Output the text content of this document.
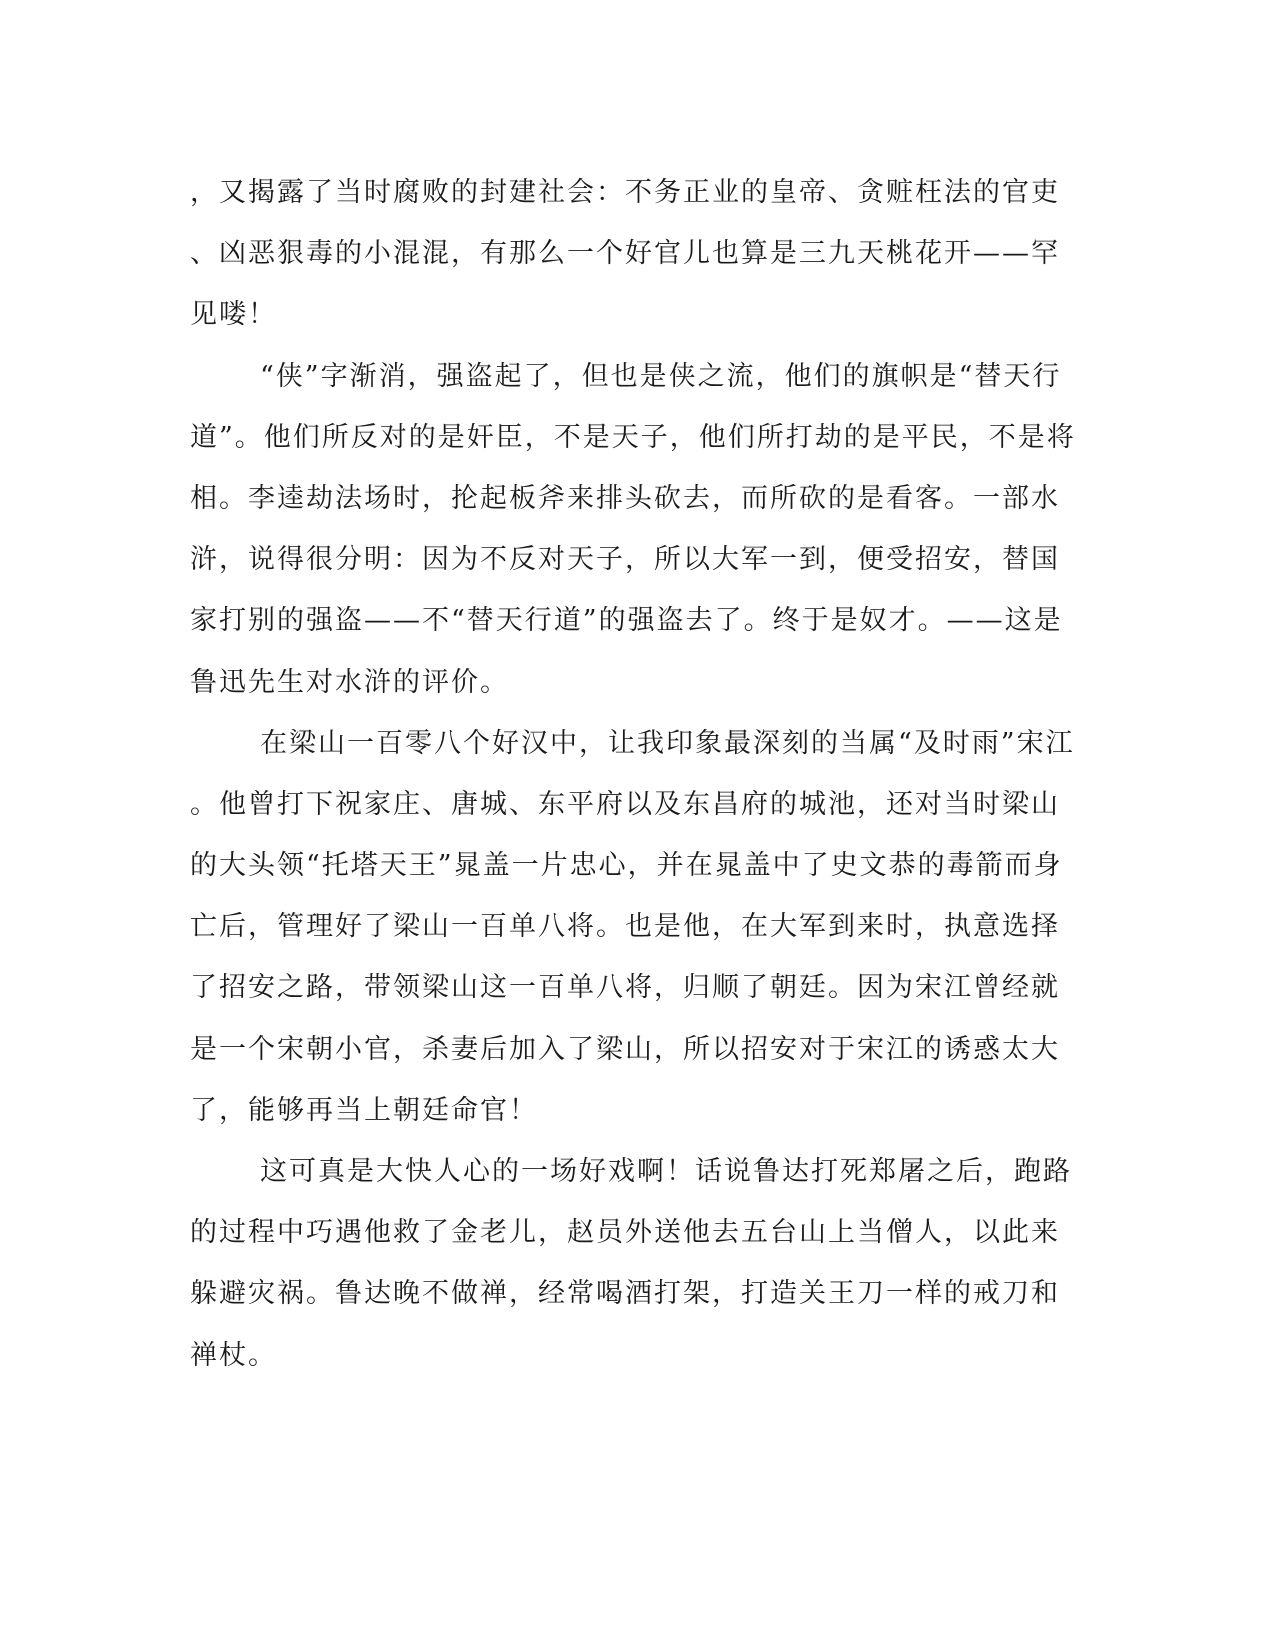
，又揭露了当时腐败的封建社会：不务正业的皇帝、贪赃枉法的官吏
、凶恶狠毒的小混混，有那么一个好官儿也算是三九天桃花开——罕
见喽！
“侠”字渐消，强盗起了，但也是侠之流，他们的旗帜是“替天行
道”。他们所反对的是奸臣，不是天子，他们所打劫的是平民，不是将
相。李逵劫法场时，抡起板斧来排头砍去，而所砍的是看客。一部水
浒，说得很分明：因为不反对天子，所以大军一到，便受招安，替国
家打别的强盗——不“替天行道”的强盗去了。终于是奴才。——这是
鲁迅先生对水浒的评价。
在梁山一百零八个好汉中，让我印象最深刻的当属“及时雨”宋江
。他曾打下祝家庄、唐城、东平府以及东昌府的城池，还对当时梁山
的大头领“托塔天王”晁盖一片忠心，并在晁盖中了史文恭的毒箭而身
亡后，管理好了梁山一百单八将。也是他，在大军到来时，执意选择
了招安之路，带领梁山这一百单八将，归顺了朝廷。因为宋江曾经就
是一个宋朝小官，杀妻后加入了梁山，所以招安对于宋江的诱惑太大
了，能够再当上朝廷命官！
这可真是大快人心的一场好戏啊！话说鲁达打死郑屠之后，跑路
的过程中巧遇他救了金老儿，赵员外送他去五台山上当僧人，以此来
躲避灾祸。鲁达晚不做禅，经常喝酒打架，打造关王刀一样的戒刀和
禅杖。
